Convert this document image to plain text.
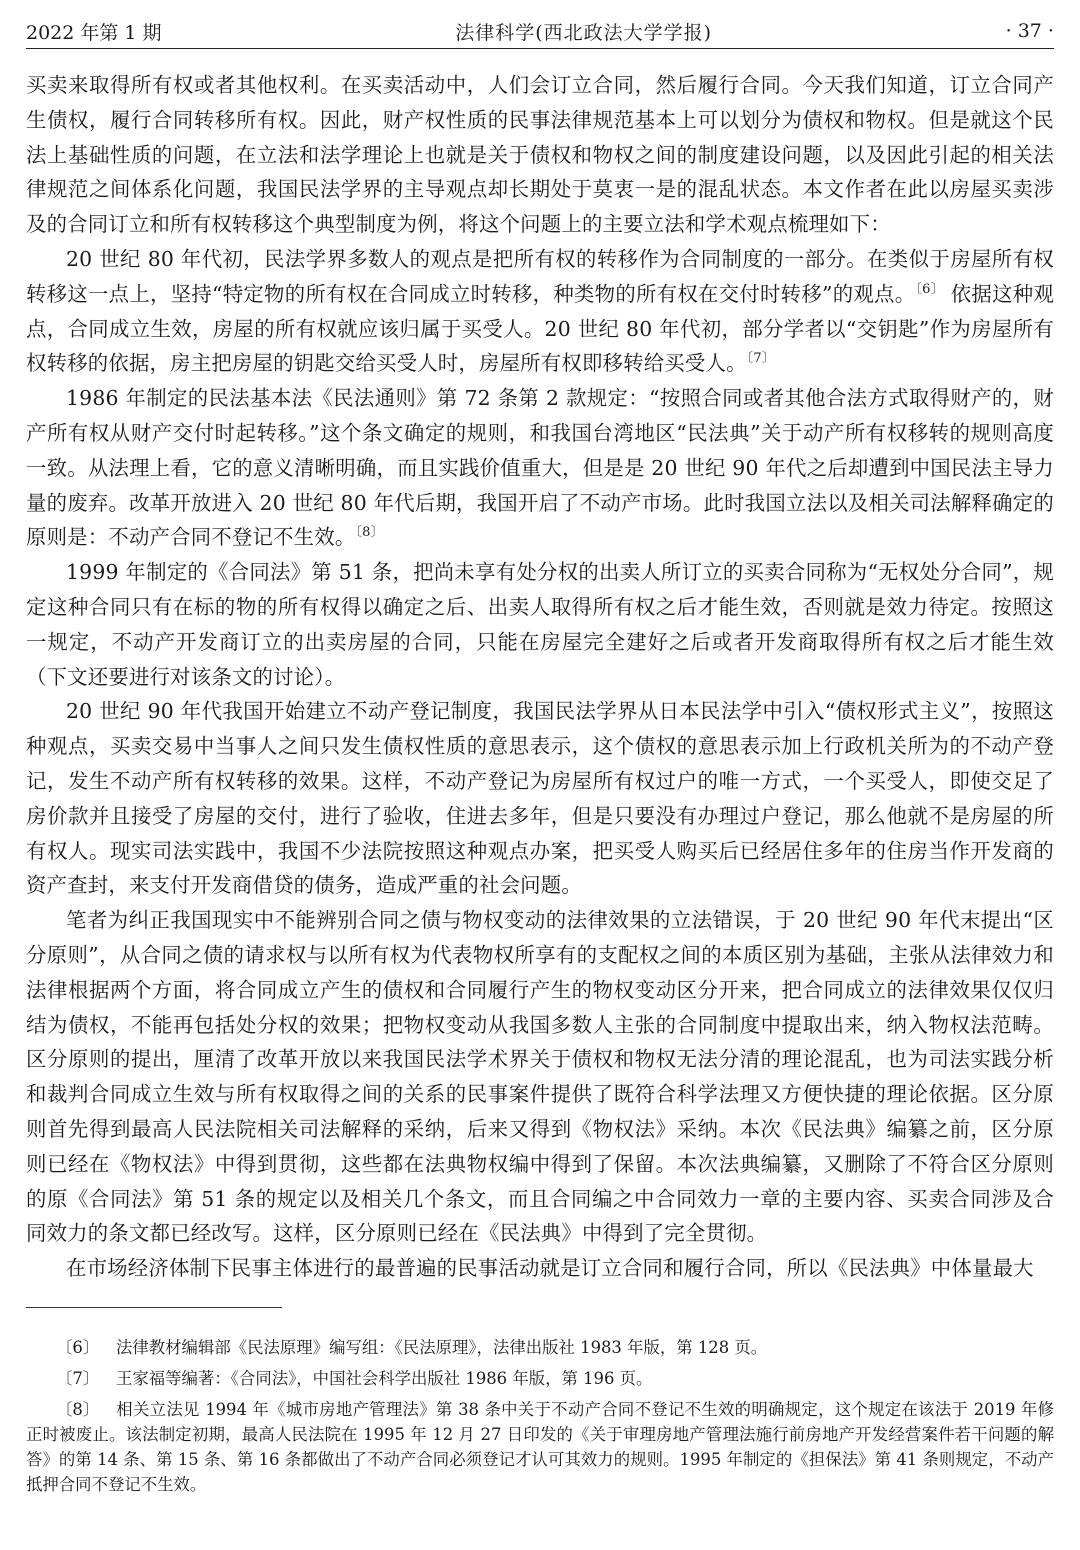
2022 年第 1 期	法律科学(西北政法大学学报)	· 37 ·

买卖来取得所有权或者其他权利。在买卖活动中，人们会订立合同，然后履行合同。今天我们知道，订立合同产生债权，履行合同转移所有权。因此，财产权性质的民事法律规范基本上可以划分为债权和物权。但是就这个民法上基础性质的问题，在立法和法学理论上也就是关于债权和物权之间的制度建设问题，以及因此引起的相关法律规范之间体系化问题，我国民法学界的主导观点却长期处于莫衷一是的混乱状态。本文作者在此以房屋买卖涉及的合同订立和所有权转移这个典型制度为例，将这个问题上的主要立法和学术观点梳理如下：

20 世纪 80 年代初，民法学界多数人的观点是把所有权的转移作为合同制度的一部分。在类似于房屋所有权转移这一点上，坚持“特定物的所有权在合同成立时转移，种类物的所有权在交付时转移”的观点。$^{〔6〕}$ 依据这种观点，合同成立生效，房屋的所有权就应该归属于买受人。20 世纪 80 年代初，部分学者以“交钥匙”作为房屋所有权转移的依据，房主把房屋的钥匙交给买受人时，房屋所有权即移转给买受人。$^{〔7〕}$

1986 年制定的民法基本法《民法通则》第 72 条第 2 款规定：“按照合同或者其他合法方式取得财产的，财产所有权从财产交付时起转移。”这个条文确定的规则，和我国台湾地区“民法典”关于动产所有权移转的规则高度一致。从法理上看，它的意义清晰明确，而且实践价值重大，但是是 20 世纪 90 年代之后却遭到中国民法主导力量的废弃。改革开放进入 20 世纪 80 年代后期，我国开启了不动产市场。此时我国立法以及相关司法解释确定的原则是：不动产合同不登记不生效。$^{〔8〕}$

1999 年制定的《合同法》第 51 条，把尚未享有处分权的出卖人所订立的买卖合同称为“无权处分合同”，规定这种合同只有在标的物的所有权得以确定之后、出卖人取得所有权之后才能生效，否则就是效力待定。按照这一规定，不动产开发商订立的出卖房屋的合同，只能在房屋完全建好之后或者开发商取得所有权之后才能生效（下文还要进行对该条文的讨论）。

20 世纪 90 年代我国开始建立不动产登记制度，我国民法学界从日本民法学中引入“债权形式主义”，按照这种观点，买卖交易中当事人之间只发生债权性质的意思表示，这个债权的意思表示加上行政机关所为的不动产登记，发生不动产所有权转移的效果。这样，不动产登记为房屋所有权过户的唯一方式，一个买受人，即使交足了房价款并且接受了房屋的交付，进行了验收，住进去多年，但是只要没有办理过户登记，那么他就不是房屋的所有权人。现实司法实践中，我国不少法院按照这种观点办案，把买受人购买后已经居住多年的住房当作开发商的资产查封，来支付开发商借贷的债务，造成严重的社会问题。

笔者为纠正我国现实中不能辨别合同之债与物权变动的法律效果的立法错误，于 20 世纪 90 年代末提出“区分原则”，从合同之债的请求权与以所有权为代表物权所享有的支配权之间的本质区别为基础，主张从法律效力和法律根据两个方面，将合同成立产生的债权和合同履行产生的物权变动区分开来，把合同成立的法律效果仅仅归结为债权，不能再包括处分权的效果；把物权变动从我国多数人主张的合同制度中提取出来，纳入物权法范畴。区分原则的提出，厘清了改革开放以来我国民法学术界关于债权和物权无法分清的理论混乱，也为司法实践分析和裁判合同成立生效与所有权取得之间的关系的民事案件提供了既符合科学法理又方便快捷的理论依据。区分原则首先得到最高人民法院相关司法解释的采纳，后来又得到《物权法》采纳。本次《民法典》编纂之前，区分原则已经在《物权法》中得到贯彻，这些都在法典物权编中得到了保留。本次法典编纂，又删除了不符合区分原则的原《合同法》第 51 条的规定以及相关几个条文，而且合同编之中合同效力一章的主要内容、买卖合同涉及合同效力的条文都已经改写。这样，区分原则已经在《民法典》中得到了完全贯彻。

在市场经济体制下民事主体进行的最普遍的民事活动就是订立合同和履行合同，所以《民法典》中体量最大

〔6〕	法律教材编辑部《民法原理》编写组：《民法原理》，法律出版社 1983 年版，第 128 页。
〔7〕	王家福等编著：《合同法》，中国社会科学出版社 1986 年版，第 196 页。
〔8〕 相关立法见 1994 年《城市房地产管理法》第 38 条中关于不动产合同不登记不生效的明确规定，这个规定在该法于 2019 年修正时被废止。该法制定初期，最高人民法院在 1995 年 12 月 27 日印发的《关于审理房地产管理法施行前房地产开发经营案件若干问题的解答》的第 14 条、第 15 条、第 16 条都做出了不动产合同必须登记才认可其效力的规则。1995 年制定的《担保法》第 41 条则规定，不动产抵押合同不登记不生效。
